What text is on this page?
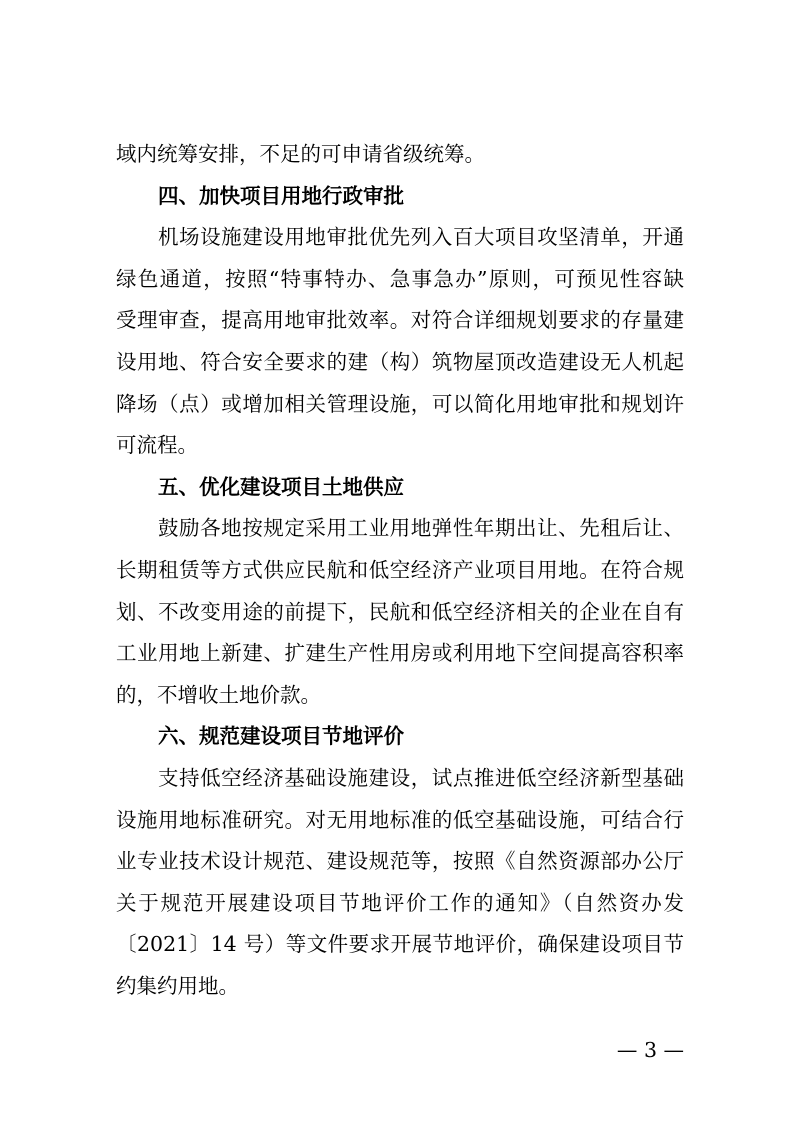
域内统筹安排，不足的可申请省级统筹。
四、加快项目用地行政审批
机场设施建设用地审批优先列入百大项目攻坚清单，开通
绿色通道，按照“特事特办、急事急办”原则，可预见性容缺
受理审查，提高用地审批效率。对符合详细规划要求的存量建
设用地、符合安全要求的建（构）筑物屋顶改造建设无人机起
降场（点）或增加相关管理设施，可以简化用地审批和规划许
可流程。
五、优化建设项目土地供应
鼓励各地按规定采用工业用地弹性年期出让、先租后让、
长期租赁等方式供应民航和低空经济产业项目用地。在符合规
划、不改变用途的前提下，民航和低空经济相关的企业在自有
工业用地上新建、扩建生产性用房或利用地下空间提高容积率
的，不增收土地价款。
六、规范建设项目节地评价
支持低空经济基础设施建设，试点推进低空经济新型基础
设施用地标准研究。对无用地标准的低空基础设施，可结合行
业专业技术设计规范、建设规范等，按照《自然资源部办公厅
关于规范开展建设项目节地评价工作的通知》（自然资办发
〔2021〕14 号）等文件要求开展节地评价，确保建设项目节
约集约用地。
— 3 —
